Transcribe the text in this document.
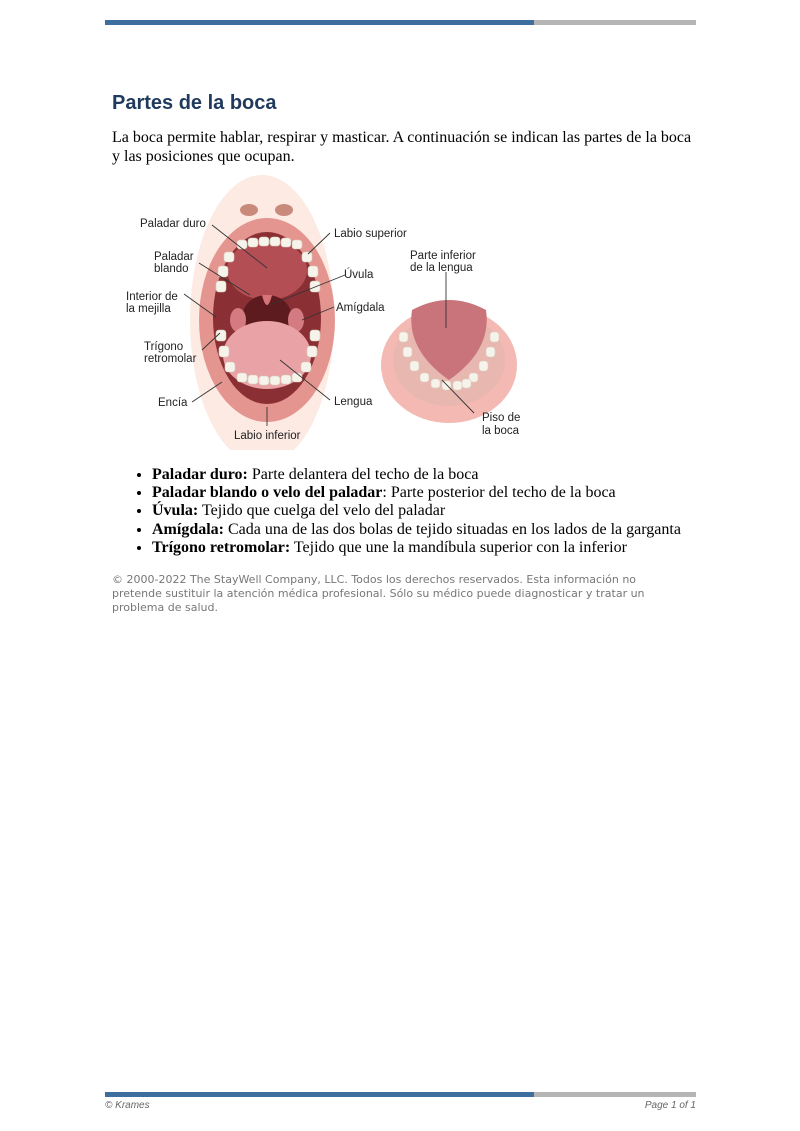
Partes de la boca

La boca permite hablar, respirar y masticar. A continuación se indican las partes de la boca y las posiciones que ocupan.

Paladar duro
Labio superior
Paladar
blando	Úvula
Interior de
la mejilla	Amígdala
Trígono
retromolar
Encía	Lengua
Labio inferior
Parte inferior
de la lengua
Piso de
la boca
• Paladar duro: Parte delantera del techo de la boca
• Paladar blando o velo del paladar: Parte posterior del techo de la boca
• Úvula: Tejido que cuelga del velo del paladar
• Amígdala: Cada una de las dos bolas de tejido situadas en los lados de la garganta
• Trígono retromolar: Tejido que une la mandíbula superior con la inferior

© 2000-2022 The StayWell Company, LLC. Todos los derechos reservados. Esta información no pretende sustituir la atención médica profesional. Sólo su médico puede diagnosticar y tratar un problema de salud.

© Krames	Page 1 of 1
